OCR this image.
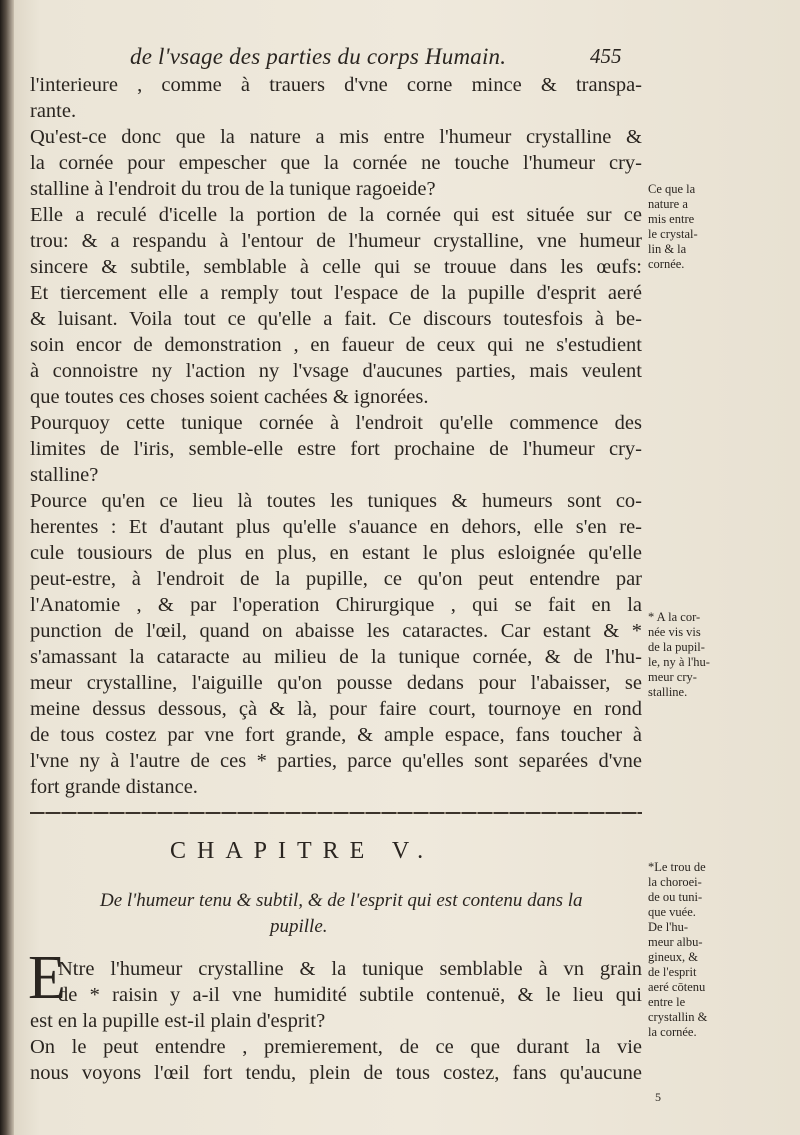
de l'vsage des parties du corps Humain.	455
l'interieure , comme à trauers d'vne corne mince & transpa-
rante.
Qu'est-ce donc que la nature a mis entre l'humeur crystalline &
la cornée pour empescher que la cornée ne touche l'humeur cry-
stalline à l'endroit du trou de la tunique ragoeide?
Elle a reculé d'icelle la portion de la cornée qui est située sur ce
trou: & a respandu à l'entour de l'humeur crystalline, vne humeur
sincere & subtile, semblable à celle qui se trouue dans les œufs:
Et tiercement elle a remply tout l'espace de la pupille d'esprit aeré
& luisant. Voila tout ce qu'elle a fait. Ce discours toutesfois à be-
soin encor de demonstration , en faueur de ceux qui ne s'estudient
à connoistre ny l'action ny l'vsage d'aucunes parties, mais veulent
que toutes ces choses soient cachées & ignorées.
Pourquoy cette tunique cornée à l'endroit qu'elle commence des
limites de l'iris, semble-elle estre fort prochaine de l'humeur cry-
stalline?
Pource qu'en ce lieu là toutes les tuniques & humeurs sont co-
herentes : Et d'autant plus qu'elle s'auance en dehors, elle s'en re-
cule tousiours de plus en plus, en estant le plus esloignée qu'elle
peut-estre, à l'endroit de la pupille, ce qu'on peut entendre par
l'Anatomie , & par l'operation Chirurgique , qui se fait en la
punction de l'œil, quand on abaisse les cataractes. Car estant & *
s'amassant la cataracte au milieu de la tunique cornée, & de l'hu-
meur crystalline, l'aiguille qu'on pousse dedans pour l'abaisser, se
meine dessus dessous, çà & là, pour faire court, tournoye en rond
de tous costez par vne fort grande, & ample espace, fans toucher à
l'vne ny à l'autre de ces * parties, parce qu'elles sont separées d'vne
fort grande distance.
Ce que la
nature a
mis entre
le crystal-
lin & la
cornée.
* A la cor-
née vis vis
de la pupil-
le, ny à l'hu-
meur cry-
stalline.
CHAPITRE V.
De l'humeur tenu & subtil, & de l'esprit qui est contenu dans la
pupille.
*Le trou de
la choroei-
de ou tuni-
que vuée.
De l'hu-
meur albu-
gineux, &
de l'esprit
aeré cōtenu
entre le
crystallin &
la cornée.
E
Ntre l'humeur crystalline & la tunique semblable à vn grain
de * raisin y a-il vne humidité subtile contenuë, & le lieu qui
est en la pupille est-il plain d'esprit?
On le peut entendre , premierement, de ce que durant la vie
nous voyons l'œil fort tendu, plein de tous costez, fans qu'aucune
5
